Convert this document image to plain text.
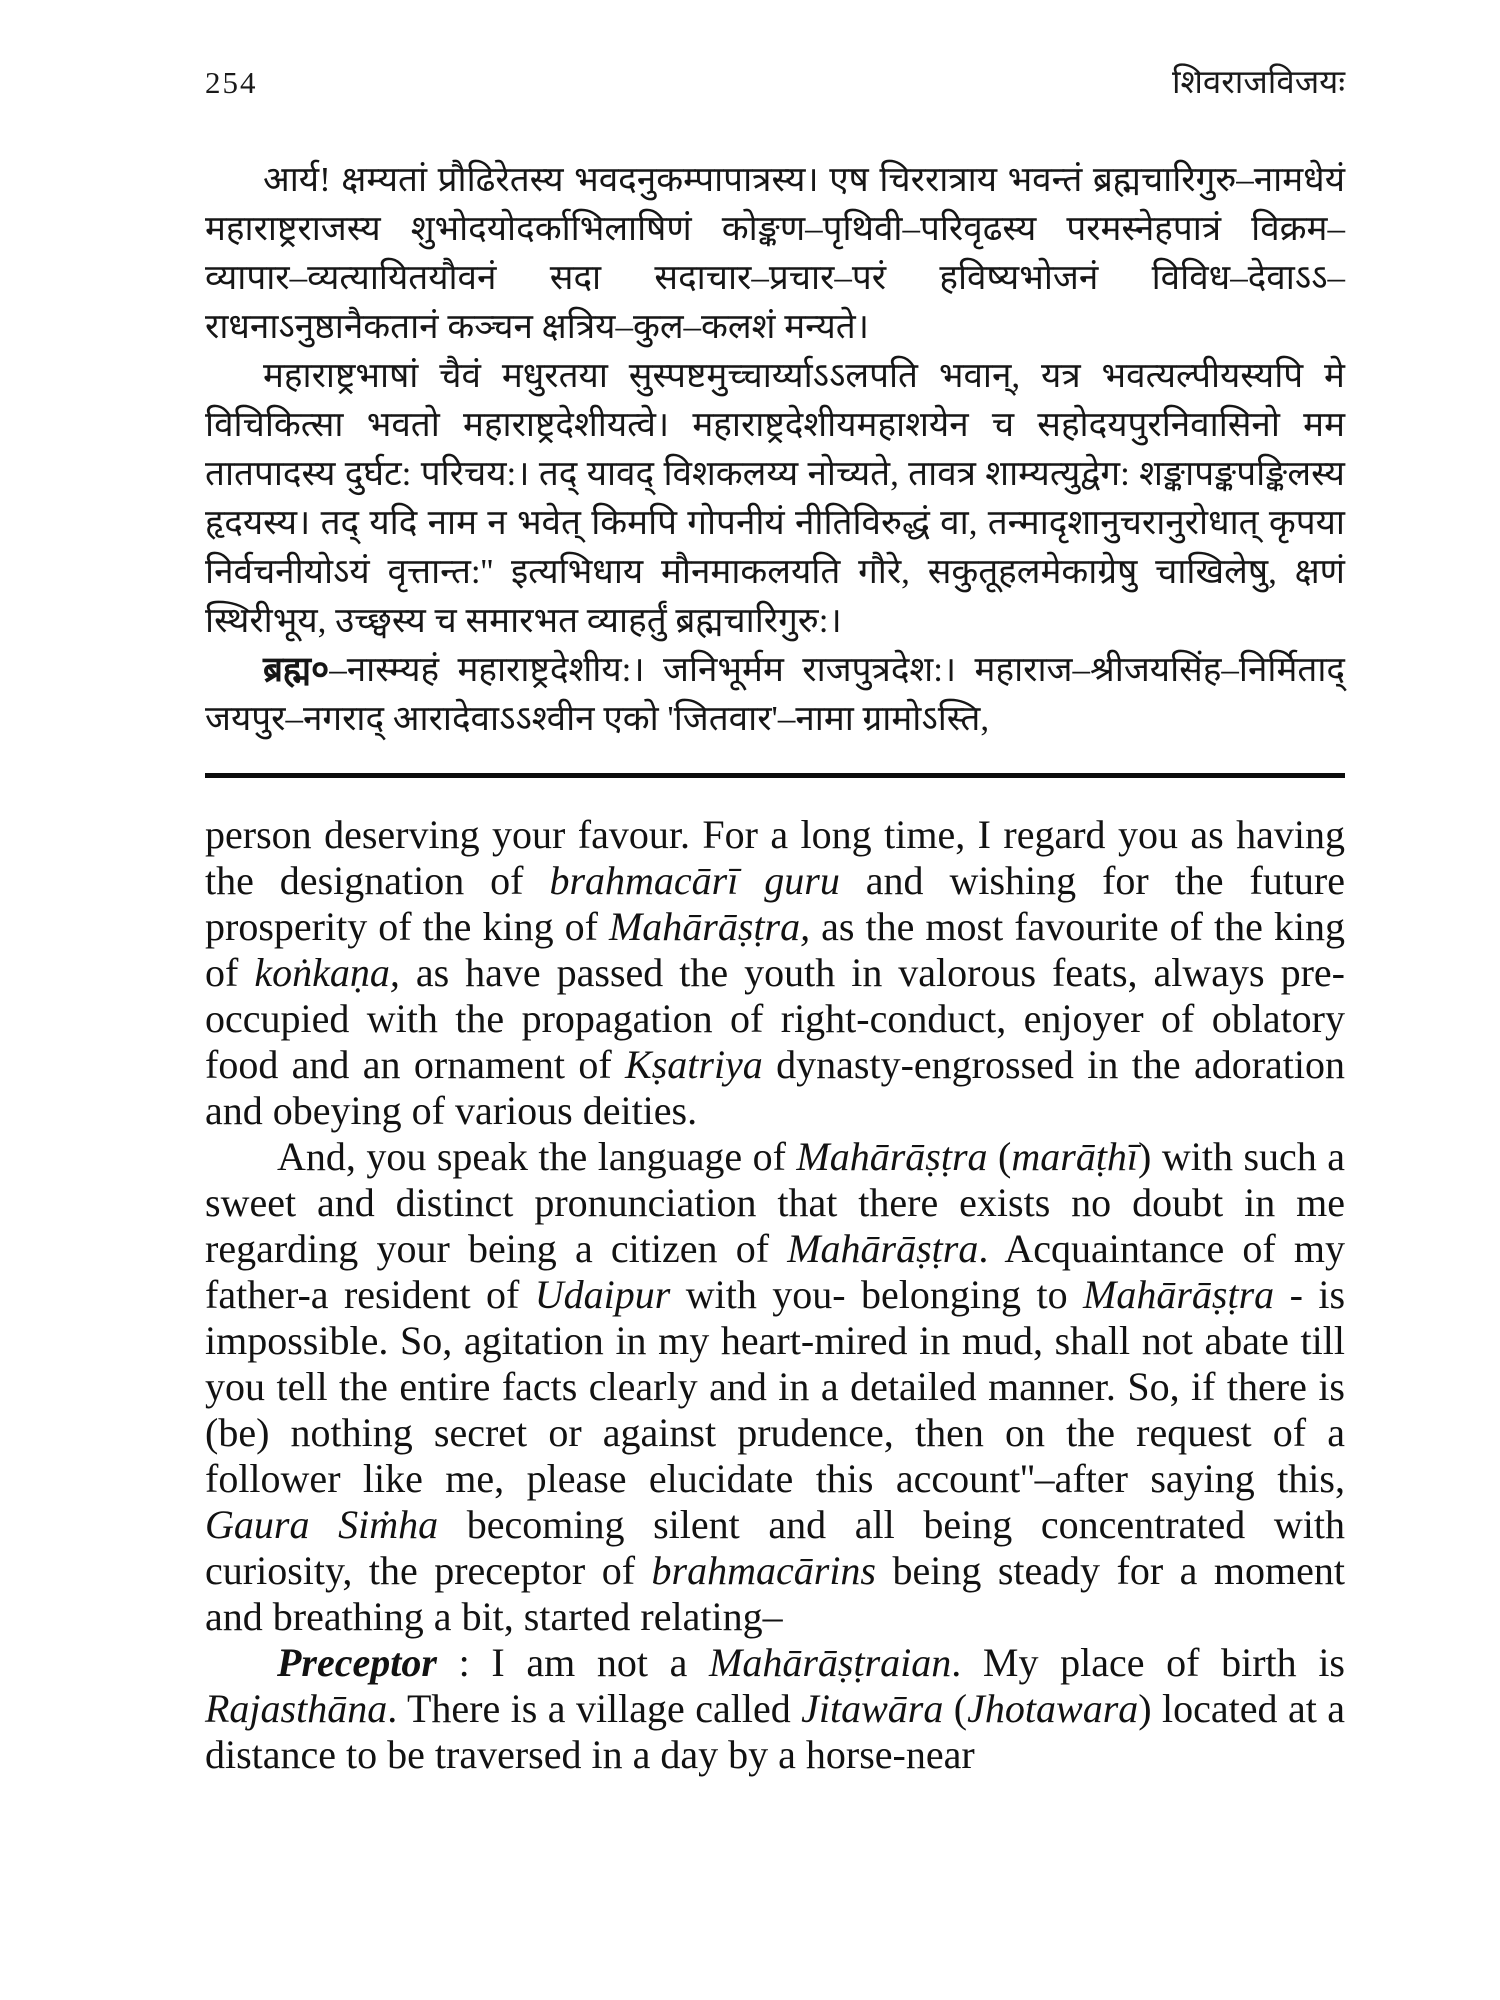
254	शिवराजविजयः

आर्य! क्षम्यतां प्रौढिरेतस्य भवदनुकम्पापात्रस्य। एष चिररात्राय भवन्तं ब्रह्मचारिगुरु–नामधेयं महाराष्ट्रराजस्य शुभोदयोदर्काभिलाषिणं कोङ्कण–पृथिवी–परिवृढस्य परमस्नेहपात्रं विक्रम–व्यापार–व्यत्यायितयौवनं सदा सदाचार–प्रचार–परं हविष्यभोजनं विविध–देवाऽऽ– राधनाऽनुष्ठानैकतानं कञ्चन क्षत्रिय–कुल–कलशं मन्यते।

महाराष्ट्रभाषां चैवं मधुरतया सुस्पष्टमुच्चार्य्याऽऽलपति भवान्, यत्र भवत्यल्पीयस्यपि मे विचिकित्सा भवतो महाराष्ट्रदेशीयत्वे। महाराष्ट्रदेशीयमहाशयेन च सहोदयपुरनिवासिनो मम तातपादस्य दुर्घट: परिचय:। तद् यावद् विशकलय्य नोच्यते, तावत्र शाम्यत्युद्वेग: शङ्कापङ्कपङ्किलस्य हृदयस्य। तद् यदि नाम न भवेत् किमपि गोपनीयं नीतिविरुद्धं वा, तन्मादृशानुचरानुरोधात् कृपया निर्वचनीयोऽयं वृत्तान्त:'' इत्यभिधाय मौनमाकलयति गौरे, सकुतूहलमेकाग्रेषु चाखिलेषु, क्षणं स्थिरीभूय, उच्छ्वस्य च समारभत व्याहर्तुं ब्रह्मचारिगुरु:।

ब्रह्म०–नास्म्यहं महाराष्ट्रदेशीय:। जनिभूर्मम राजपुत्रदेश:। महाराज–श्रीजयसिंह–निर्मिताद् जयपुर–नगराद् आरादेवाऽऽश्वीन एको 'जितवार'–नामा ग्रामोऽस्ति,

person deserving your favour. For a long time, I regard you as having the designation of brahmacārī guru and wishing for the future prosperity of the king of Mahārāṣṭra, as the most favourite of the king of koṅkaṇa, as have passed the youth in valorous feats, always pre-occupied with the propagation of right-conduct, enjoyer of oblatory food and an ornament of Kṣatriya dynasty-engrossed in the adoration and obeying of various deities.

And, you speak the language of Mahārāṣṭra (marāṭhī) with such a sweet and distinct pronunciation that there exists no doubt in me regarding your being a citizen of Mahārāṣṭra. Acquaintance of my father-a resident of Udaipur with you- belonging to Mahārāṣṭra - is impossible. So, agitation in my heart-mired in mud, shall not abate till you tell the entire facts clearly and in a detailed manner. So, if there is (be) nothing secret or against prudence, then on the request of a follower like me, please elucidate this account''–after saying this, Gaura Siṁha becoming silent and all being concentrated with curiosity, the preceptor of brahmacārins being steady for a moment and breathing a bit, started relating–

Preceptor : I am not a Mahārāṣṭraian. My place of birth is Rajasthāna. There is a village called Jitawāra (Jhotawara) located at a distance to be traversed in a day by a horse-near
